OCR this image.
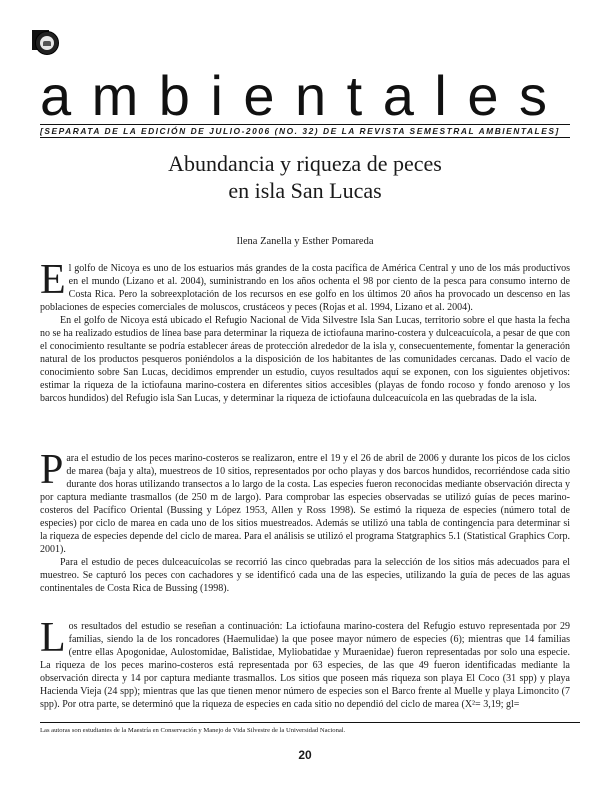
ambientales
[SEPARATA DE LA EDICIÓN DE JULIO-2006 (NO. 32) DE LA REVISTA SEMESTRAL AMBIENTALES]
Abundancia y riqueza de peces
en isla San Lucas
Ilena Zanella y Esther Pomareda

El golfo de Nicoya es uno de los estuarios más grandes de la costa pacífica de América Central y uno de los más productivos en el mundo (Lizano et al. 2004), suministrando en los años ochenta el 98 por ciento de la pesca para consumo interno de Costa Rica. Pero la sobreexplotación de los recursos en ese golfo en los últimos 20 años ha provocado un descenso en las poblaciones de especies comerciales de moluscos, crustáceos y peces (Rojas et al. 1994, Lizano et al. 2004).

En el golfo de Nicoya está ubicado el Refugio Nacional de Vida Silvestre Isla San Lucas, territorio sobre el que hasta la fecha no se ha realizado estudios de línea base para determinar la riqueza de ictiofauna marino-costera y dulceacuícola, a pesar de que con el conocimiento resultante se podría establecer áreas de protección alrededor de la isla y, consecuentemente, fomentar la generación natural de los productos pesqueros poniéndolos a la disposición de los habitantes de las comunidades cercanas. Dado el vacío de conocimiento sobre San Lucas, decidimos emprender un estudio, cuyos resultados aquí se exponen, con los siguientes objetivos: estimar la riqueza de la ictiofauna marino-costera en diferentes sitios accesibles (playas de fondo rocoso y fondo arenoso y los barcos hundidos) del Refugio isla San Lucas, y determinar la riqueza de ictiofauna dulceacuícola en las quebradas de la isla.

Para el estudio de los peces marino-costeros se realizaron, entre el 19 y el 26 de abril de 2006 y durante los picos de los ciclos de marea (baja y alta), muestreos de 10 sitios, representados por ocho playas y dos barcos hundidos, recorriéndose cada sitio durante dos horas utilizando transectos a lo largo de la costa. Las especies fueron reconocidas mediante observación directa y por captura mediante trasmallos (de 250 m de largo). Para comprobar las especies observadas se utilizó guías de peces marino-costeros del Pacífico Oriental (Bussing y López 1953, Allen y Ross 1998). Se estimó la riqueza de especies (número total de especies) por ciclo de marea en cada uno de los sitios muestreados. Además se utilizó una tabla de contingencia para determinar si la riqueza de especies depende del ciclo de marea. Para el análisis se utilizó el programa Statgraphics 5.1 (Statistical Graphics Corp. 2001).

Para el estudio de peces dulceacuícolas se recorrió las cinco quebradas para la selección de los sitios más adecuados para el muestreo. Se capturó los peces con cachadores y se identificó cada una de las especies, utilizando la guía de peces de las aguas continentales de Costa Rica de Bussing (1998).

Los resultados del estudio se reseñan a continuación: La ictiofauna marino-costera del Refugio estuvo representada por 29 familias, siendo la de los roncadores (Haemulidae) la que posee mayor número de especies (6); mientras que 14 familias (entre ellas Apogonidae, Aulostomidae, Balistidae, Myliobatidae y Muraenidae) fueron representadas por solo una especie. La riqueza de los peces marino-costeros está representada por 63 especies, de las que 49 fueron identificadas mediante la observación directa y 14 por captura mediante trasmallos. Los sitios que poseen más riqueza son playa El Coco (31 spp) y playa Hacienda Vieja (24 spp); mientras que las que tienen menor número de especies son el Barco frente al Muelle y playa Limoncito (7 spp). Por otra parte, se determinó que la riqueza de especies en cada sitio no dependió del ciclo de marea (X²= 3,19; gl=

Las autoras son estudiantes de la Maestría en Conservación y Manejo de Vida Silvestre de la Universidad Nacional.
20
